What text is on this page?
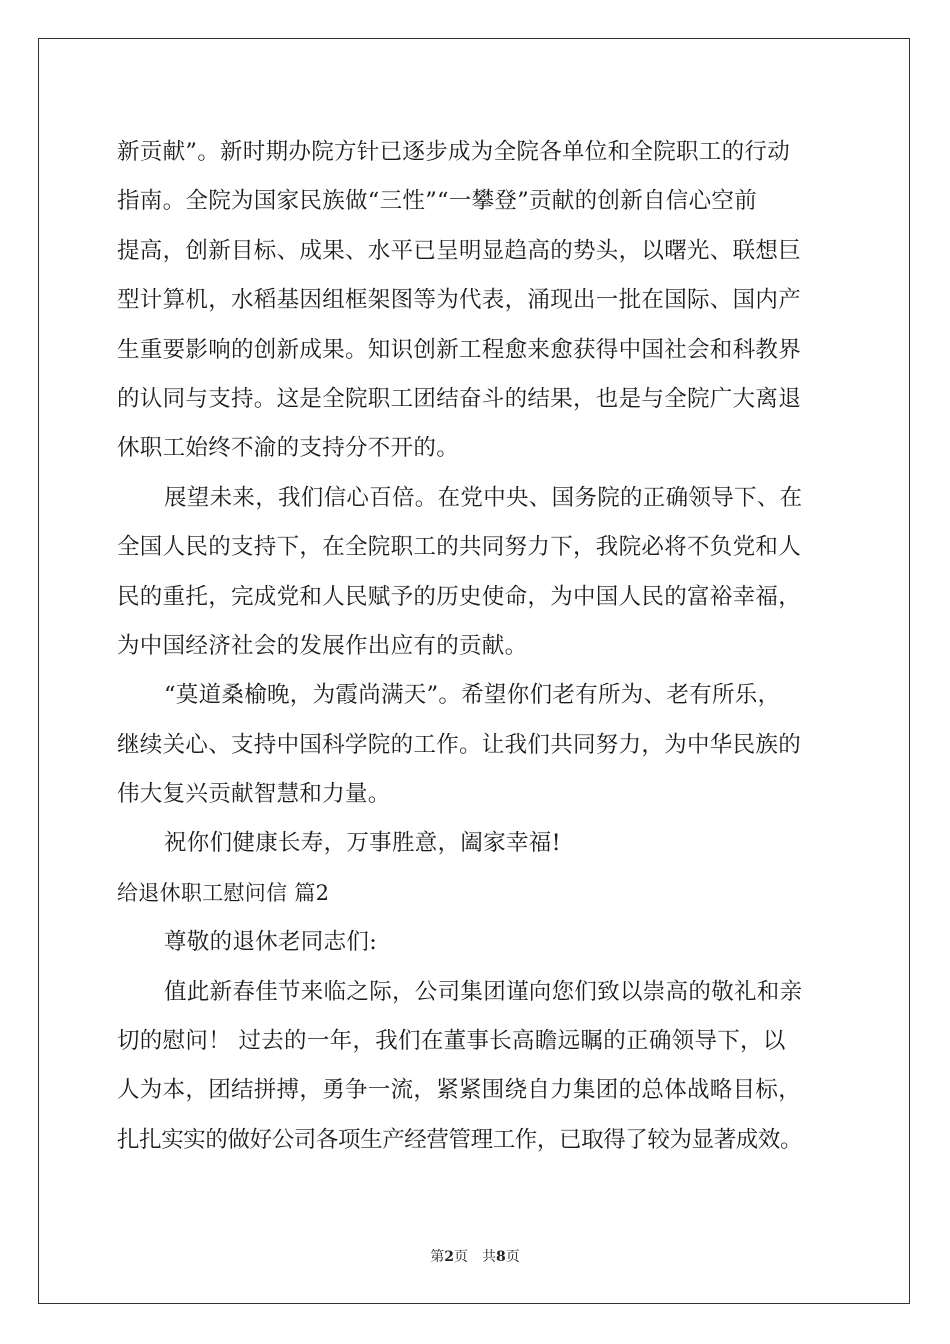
新贡献”。新时期办院方针已逐步成为全院各单位和全院职工的行动
指南。全院为国家民族做“三性”“一攀登”贡献的创新自信心空前
提高，创新目标、成果、水平已呈明显趋高的势头，以曙光、联想巨
型计算机，水稻基因组框架图等为代表，涌现出一批在国际、国内产
生重要影响的创新成果。知识创新工程愈来愈获得中国社会和科教界
的认同与支持。这是全院职工团结奋斗的结果，也是与全院广大离退
休职工始终不渝的支持分不开的。
展望未来，我们信心百倍。在党中央、国务院的正确领导下、在
全国人民的支持下，在全院职工的共同努力下，我院必将不负党和人
民的重托，完成党和人民赋予的历史使命，为中国人民的富裕幸福，
为中国经济社会的发展作出应有的贡献。
“莫道桑榆晚，为霞尚满天”。希望你们老有所为、老有所乐，
继续关心、支持中国科学院的工作。让我们共同努力，为中华民族的
伟大复兴贡献智慧和力量。
祝你们健康长寿，万事胜意，阖家幸福!
给退休职工慰问信 篇2
尊敬的退休老同志们:
值此新春佳节来临之际，公司集团谨向您们致以崇高的敬礼和亲
切的慰问！ 过去的一年，我们在董事长高瞻远瞩的正确领导下，以
人为本，团结拼搏，勇争一流，紧紧围绕自力集团的总体战略目标，
扎扎实实的做好公司各项生产经营管理工作，已取得了较为显著成效。
第2页 共8页
